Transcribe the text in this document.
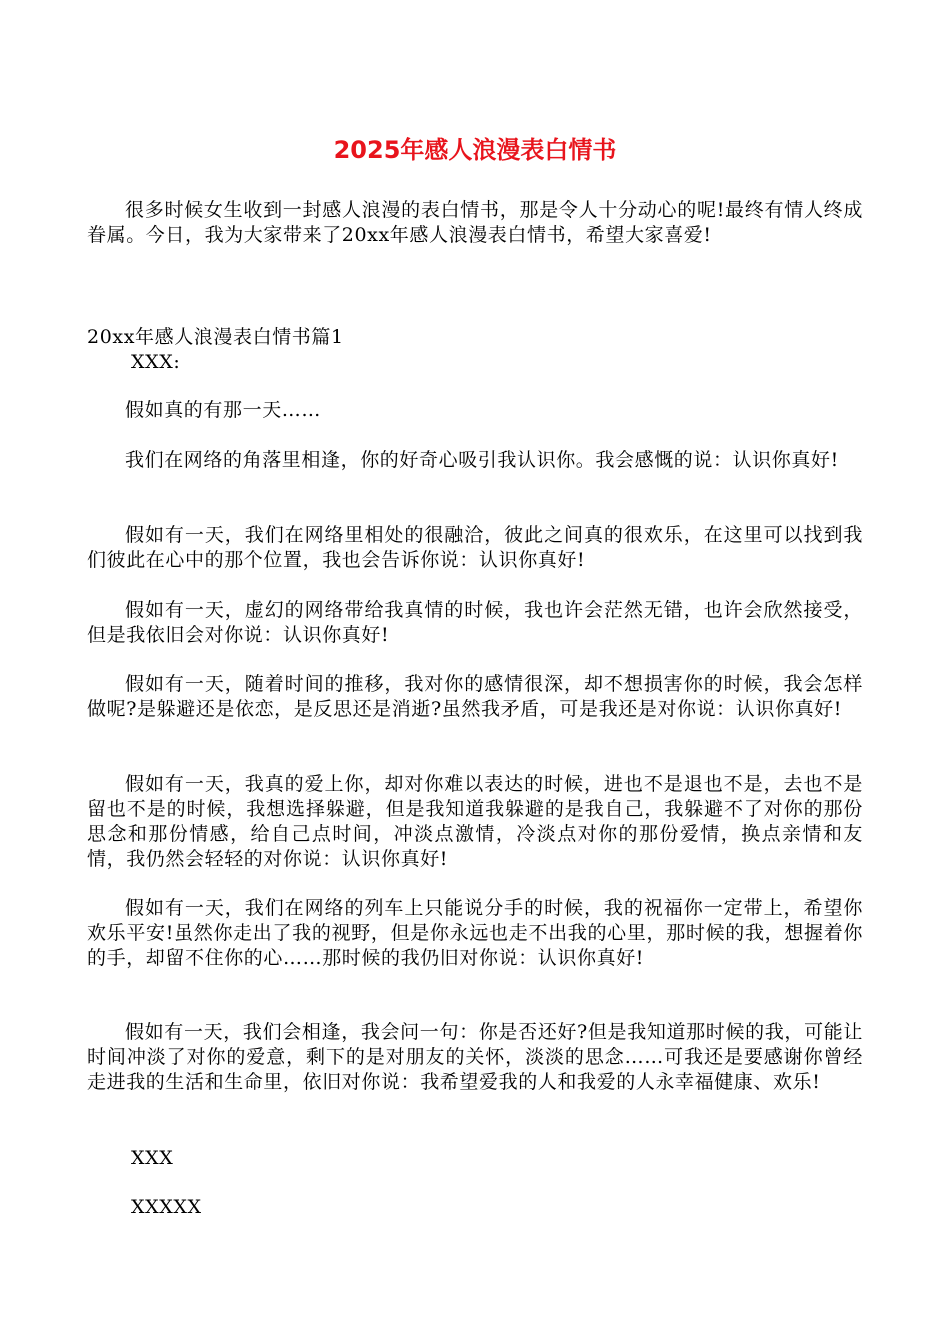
2025年感人浪漫表白情书

很多时候女生收到一封感人浪漫的表白情书，那是令人十分动心的呢!最终有情人终成眷属。今日，我为大家带来了20xx年感人浪漫表白情书，希望大家喜爱!

20xx年感人浪漫表白情书篇1

XXX:

假如真的有那一天……

我们在网络的角落里相逢，你的好奇心吸引我认识你。我会感慨的说：认识你真好!

假如有一天，我们在网络里相处的很融洽，彼此之间真的很欢乐，在这里可以找到我们彼此在心中的那个位置，我也会告诉你说：认识你真好!

假如有一天，虚幻的网络带给我真情的时候，我也许会茫然无错，也许会欣然接受，但是我依旧会对你说：认识你真好!

假如有一天，随着时间的推移，我对你的感情很深，却不想损害你的时候，我会怎样做呢?是躲避还是依恋，是反思还是消逝?虽然我矛盾，可是我还是对你说：认识你真好!

假如有一天，我真的爱上你，却对你难以表达的时候，进也不是退也不是，去也不是留也不是的时候，我想选择躲避，但是我知道我躲避的是我自己，我躲避不了对你的那份思念和那份情感，给自己点时间，冲淡点激情，冷淡点对你的那份爱情，换点亲情和友情，我仍然会轻轻的对你说：认识你真好!

假如有一天，我们在网络的列车上只能说分手的时候，我的祝福你一定带上，希望你欢乐平安!虽然你走出了我的视野，但是你永远也走不出我的心里，那时候的我，想握着你的手，却留不住你的心……那时候的我仍旧对你说：认识你真好!

假如有一天，我们会相逢，我会问一句：你是否还好?但是我知道那时候的我，可能让时间冲淡了对你的爱意，剩下的是对朋友的关怀，淡淡的思念……可我还是要感谢你曾经走进我的生活和生命里，依旧对你说：我希望爱我的人和我爱的人永幸福健康、欢乐!

XXX

XXXXX
